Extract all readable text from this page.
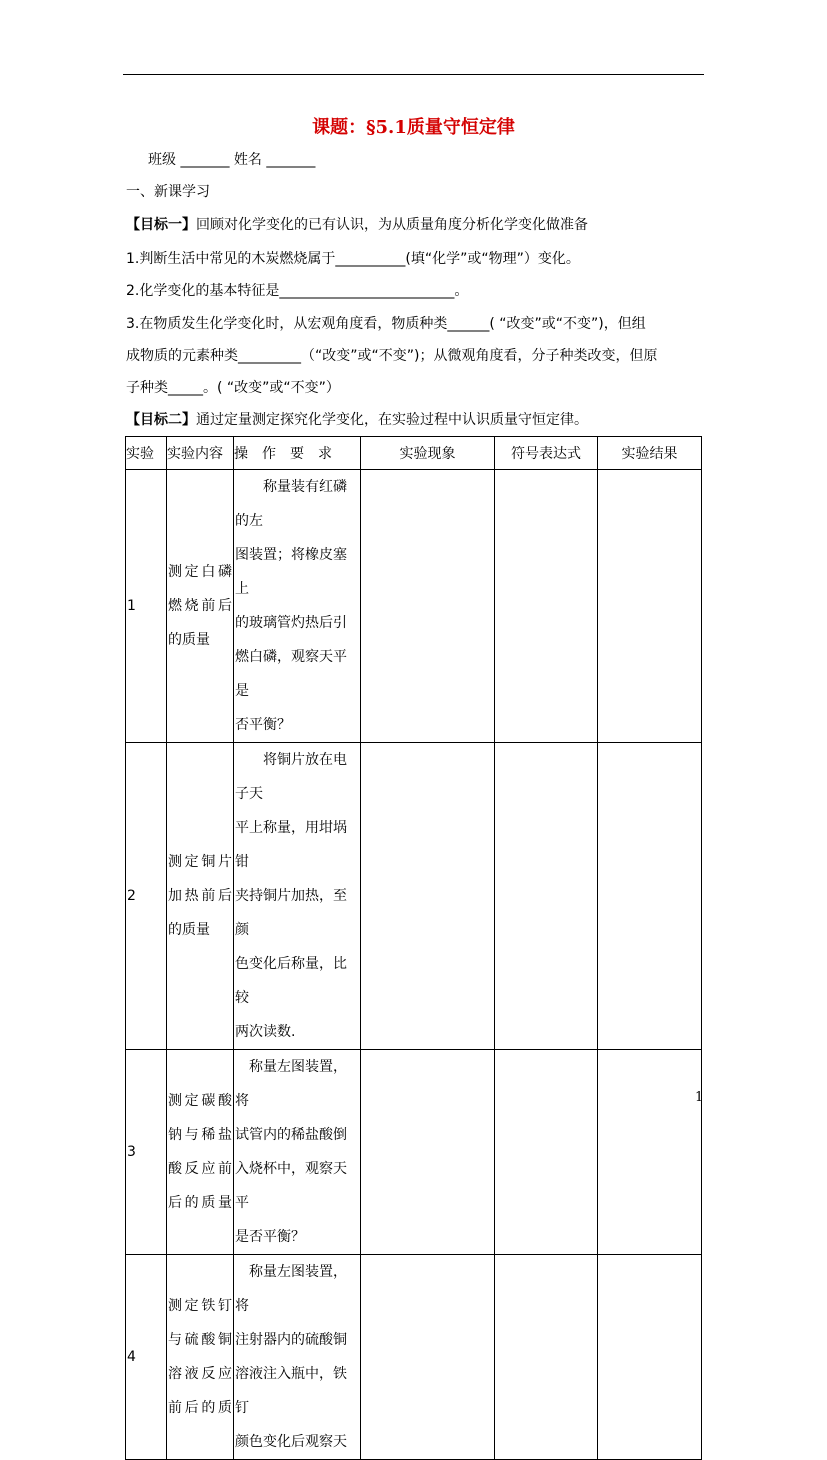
课题：§5.1质量守恒定律
班级 _______ 姓名 _______
一、新课学习
【目标一】回顾对化学变化的已有认识，为从质量角度分析化学变化做准备
1.判断生活中常见的木炭燃烧属于__________(填“化学”或“物理”）变化。
2.化学变化的基本特征是_________________________。
3.在物质发生化学变化时，从宏观角度看，物质种类______( “改变”或“不变”)，但组
成物质的元素种类_________（“改变”或“不变”)；从微观角度看，分子种类改变，但原
子种类_____。( “改变”或“不变”）
【目标二】通过定量测定探究化学变化，在实验过程中认识质量守恒定律。
实验	实验内容	操　作　要　求	实验现象	符号表达式	实验结果
1	测定白磷
燃烧前后
的质量	　　称量装有红磷的左
图装置；将橡皮塞上
的玻璃管灼热后引
燃白磷，观察天平是
否平衡？			

2	测定铜片
加热前后
的质量	　　将铜片放在电子天
平上称量，用坩埚钳
夹持铜片加热，至颜
色变化后称量，比较
两次读数.			

3	测定碳酸
钠与稀盐
酸反应前
后的质量	　称量左图装置，将
试管内的稀盐酸倒
入烧杯中，观察天平
是否平衡？			

4	测定铁钉
与硫酸铜
溶液反应
前后的质	　称量左图装置，将
注射器内的硫酸铜
溶液注入瓶中，铁钉
颜色变化后观察天			

1
